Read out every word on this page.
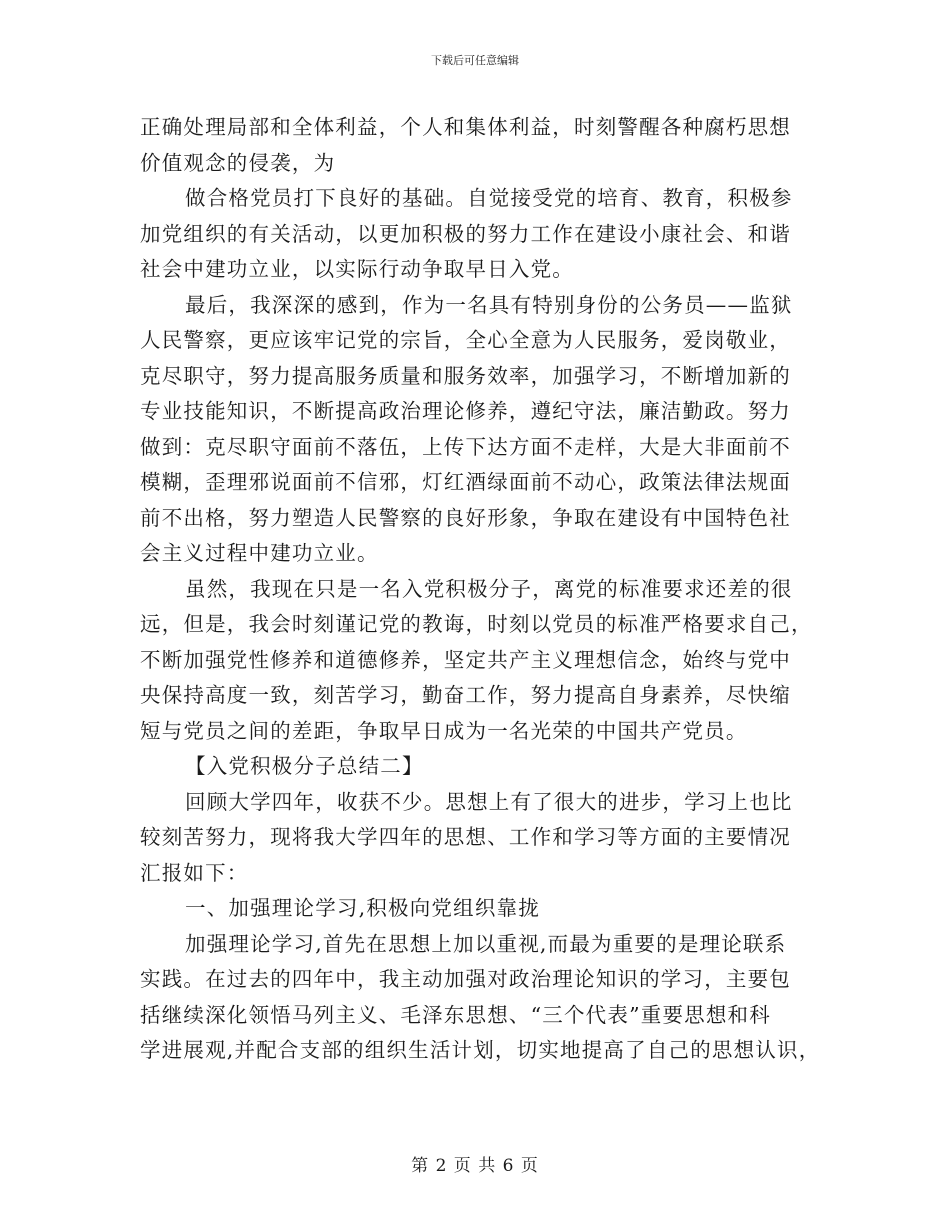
下载后可任意编辑
正确处理局部和全体利益，个人和集体利益，时刻警醒各种腐朽思想
价值观念的侵袭，为
做合格党员打下良好的基础。自觉接受党的培育、教育，积极参
加党组织的有关活动，以更加积极的努力工作在建设小康社会、和谐
社会中建功立业，以实际行动争取早日入党。
最后，我深深的感到，作为一名具有特别身份的公务员——监狱
人民警察，更应该牢记党的宗旨，全心全意为人民服务，爱岗敬业，
克尽职守，努力提高服务质量和服务效率，加强学习，不断增加新的
专业技能知识，不断提高政治理论修养，遵纪守法，廉洁勤政。努力
做到：克尽职守面前不落伍，上传下达方面不走样，大是大非面前不
模糊，歪理邪说面前不信邪，灯红酒绿面前不动心，政策法律法规面
前不出格，努力塑造人民警察的良好形象，争取在建设有中国特色社
会主义过程中建功立业。
虽然，我现在只是一名入党积极分子，离党的标准要求还差的很
远，但是，我会时刻谨记党的教诲，时刻以党员的标准严格要求自己，
不断加强党性修养和道德修养，坚定共产主义理想信念，始终与党中
央保持高度一致，刻苦学习，勤奋工作，努力提高自身素养，尽快缩
短与党员之间的差距，争取早日成为一名光荣的中国共产党员。
【入党积极分子总结二】
回顾大学四年，收获不少。思想上有了很大的进步，学习上也比
较刻苦努力，现将我大学四年的思想、工作和学习等方面的主要情况
汇报如下：
一、加强理论学习,积极向党组织靠拢
加强理论学习,首先在思想上加以重视,而最为重要的是理论联系
实践。在过去的四年中，我主动加强对政治理论知识的学习，主要包
括继续深化领悟马列主义、毛泽东思想、“三个代表”重要思想和科
学进展观,并配合支部的组织生活计划，切实地提高了自己的思想认识，
第 2 页 共 6 页
